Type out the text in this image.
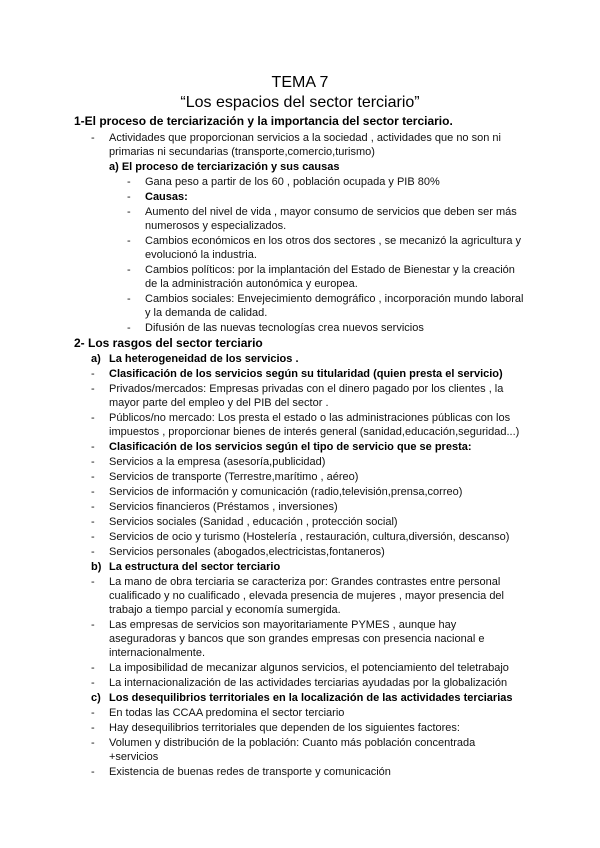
TEMA 7
“Los espacios del sector terciario”
1-El proceso de terciarización y la importancia del sector terciario.
- Actividades que proporcionan servicios a la sociedad , actividades que no son ni
primarias ni secundarias (transporte,comercio,turismo)
a) El proceso de terciarización y sus causas
- Gana peso a partir de los 60 , población ocupada y PIB 80%
- Causas:
- Aumento del nivel de vida , mayor consumo de servicios que deben ser más
numerosos y especializados.
- Cambios económicos en los otros dos sectores , se mecanizó la agricultura y
evolucionó la industria.
- Cambios políticos: por la implantación del Estado de Bienestar y la creación
de la administración autonómica y europea.
- Cambios sociales: Envejecimiento demográfico , incorporación mundo laboral
y la demanda de calidad.
- Difusión de las nuevas tecnologías crea nuevos servicios
2- Los rasgos del sector terciario
a) La heterogeneidad de los servicios .
- Clasificación de los servicios según su titularidad (quien presta el servicio)
- Privados/mercados: Empresas privadas con el dinero pagado por los clientes , la
mayor parte del empleo y del PIB del sector .
- Públicos/no mercado: Los presta el estado o las administraciones públicas con los
impuestos , proporcionar bienes de interés general (sanidad,educación,seguridad...)
- Clasificación de los servicios según el tipo de servicio que se presta:
- Servicios a la empresa (asesoría,publicidad)
- Servicios de transporte (Terrestre,marítimo , aéreo)
- Servicios de información y comunicación (radio,televisión,prensa,correo)
- Servicios financieros (Préstamos , inversiones)
- Servicios sociales (Sanidad , educación , protección social)
- Servicios de ocio y turismo (Hostelería , restauración, cultura,diversión, descanso)
- Servicios personales (abogados,electricistas,fontaneros)
b) La estructura del sector terciario
- La mano de obra terciaria se caracteriza por: Grandes contrastes entre personal
cualificado y no cualificado , elevada presencia de mujeres , mayor presencia del
trabajo a tiempo parcial y economía sumergida.
- Las empresas de servicios son mayoritariamente PYMES , aunque hay
aseguradoras y bancos que son grandes empresas con presencia nacional e
internacionalmente.
- La imposibilidad de mecanizar algunos servicios, el potenciamiento del teletrabajo
- La internacionalización de las actividades terciarias ayudadas por la globalización
c) Los desequilibrios territoriales en la localización de las actividades terciarias
- En todas las CCAA predomina el sector terciario
- Hay desequilibrios territoriales que dependen de los siguientes factores:
- Volumen y distribución de la población: Cuanto más población concentrada
+servicios
- Existencia de buenas redes de transporte y comunicación
